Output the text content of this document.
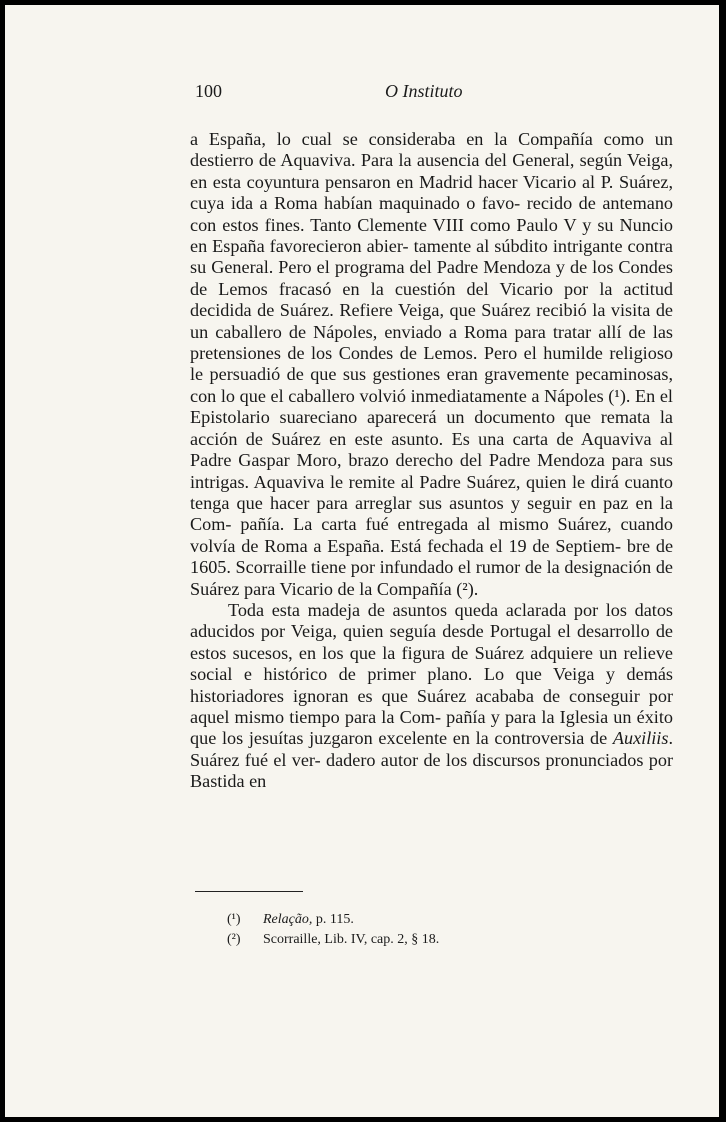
100	O Instituto

a España, lo cual se consideraba en la Compañía como un destierro de Aquaviva. Para la ausencia del General, según Veiga, en esta coyuntura pensaron en Madrid hacer Vicario al P. Suárez, cuya ida a Roma habían maquinado o favo- recido de antemano con estos fines. Tanto Clemente VIII como Paulo V y su Nuncio en España favorecieron abier- tamente al súbdito intrigante contra su General. Pero el programa del Padre Mendoza y de los Condes de Lemos fracasó en la cuestión del Vicario por la actitud decidida de Suárez. Refiere Veiga, que Suárez recibió la visita de un caballero de Nápoles, enviado a Roma para tratar allí de las pretensiones de los Condes de Lemos. Pero el humilde religioso le persuadió de que sus gestiones eran gravemente pecaminosas, con lo que el caballero volvió inmediatamente a Nápoles (¹). En el Epistolario suareciano aparecerá un documento que remata la acción de Suárez en este asunto. Es una carta de Aquaviva al Padre Gaspar Moro, brazo derecho del Padre Mendoza para sus intrigas. Aquaviva le remite al Padre Suárez, quien le dirá cuanto tenga que hacer para arreglar sus asuntos y seguir en paz en la Com- pañía. La carta fué entregada al mismo Suárez, cuando volvía de Roma a España. Está fechada el 19 de Septiem- bre de 1605. Scorraille tiene por infundado el rumor de la designación de Suárez para Vicario de la Compañía (²).

Toda esta madeja de asuntos queda aclarada por los datos aducidos por Veiga, quien seguía desde Portugal el desarrollo de estos sucesos, en los que la figura de Suárez adquiere un relieve social e histórico de primer plano. Lo que Veiga y demás historiadores ignoran es que Suárez acababa de conseguir por aquel mismo tiempo para la Com- pañía y para la Iglesia un éxito que los jesuítas juzgaron excelente en la controversia de Auxiliis. Suárez fué el ver- dadero autor de los discursos pronunciados por Bastida en

(¹)	Relação, p. 115.
(²)	Scorraille, Lib. IV, cap. 2, § 18.
